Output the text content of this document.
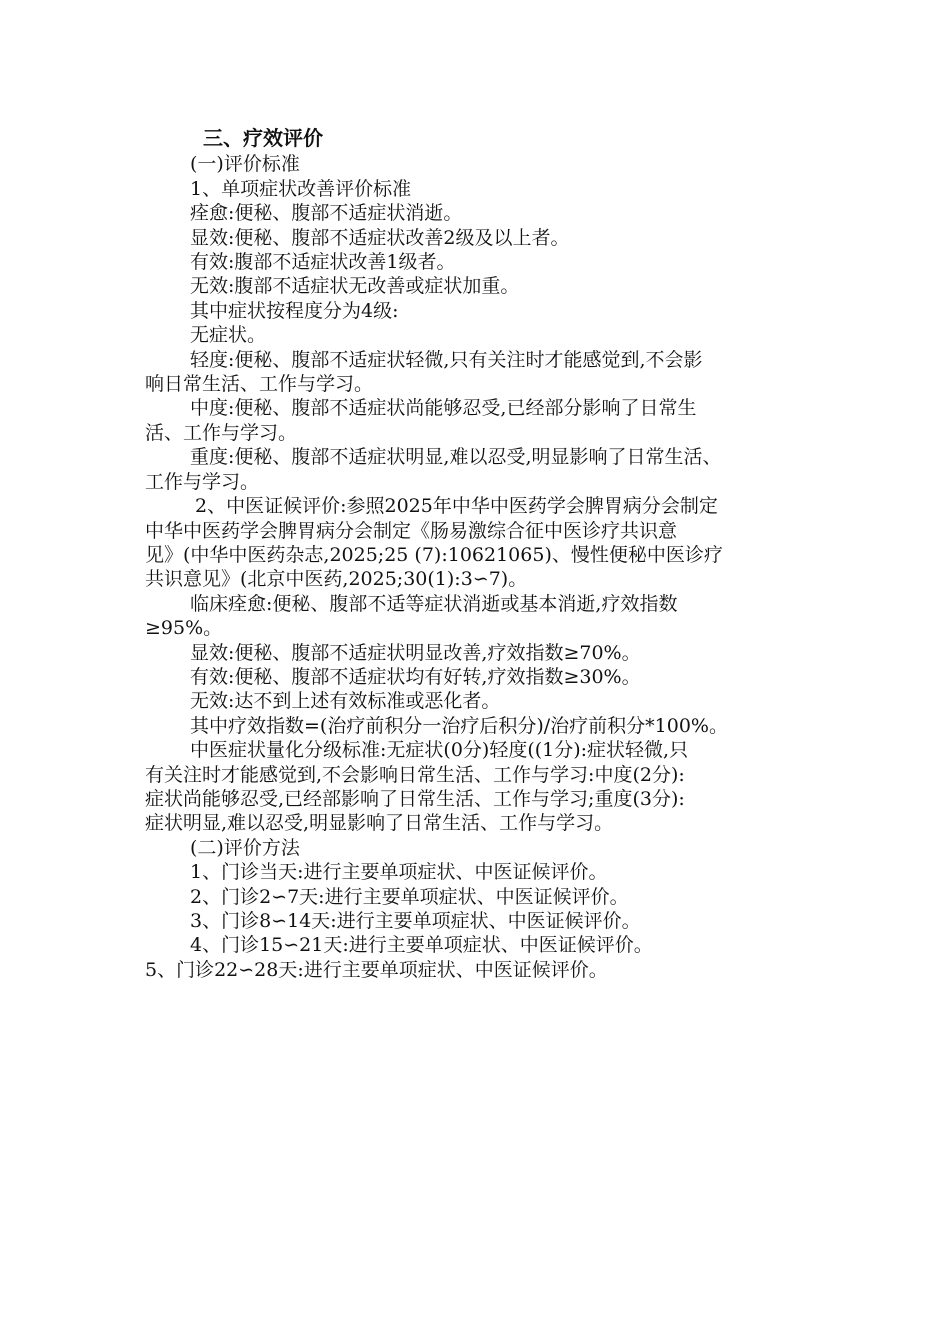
三、疗效评价
(一)评价标准
1、单项症状改善评价标准
痊愈:便秘、腹部不适症状消逝。
显效:便秘、腹部不适症状改善2级及以上者。
有效:腹部不适症状改善1级者。
无效:腹部不适症状无改善或症状加重。
其中症状按程度分为4级:
无症状。
轻度:便秘、腹部不适症状轻微,只有关注时才能感觉到,不会影
响日常生活、工作与学习。
中度:便秘、腹部不适症状尚能够忍受,已经部分影响了日常生
活、工作与学习。
重度:便秘、腹部不适症状明显,难以忍受,明显影响了日常生活、
工作与学习。
2、中医证候评价:参照2025年中华中医药学会脾胃病分会制定
中华中医药学会脾胃病分会制定《肠易激综合征中医诊疗共识意
见》(中华中医药杂志,2025;25 (7):10621065)、慢性便秘中医诊疗
共识意见》(北京中医药,2025;30(1):3∽7)。
临床痊愈:便秘、腹部不适等症状消逝或基本消逝,疗效指数
≥95%。
显效:便秘、腹部不适症状明显改善,疗效指数≥70%。
有效:便秘、腹部不适症状均有好转,疗效指数≥30%。
无效:达不到上述有效标准或恶化者。
其中疗效指数=(治疗前积分一治疗后积分)/治疗前积分*100%。
中医症状量化分级标准:无症状(0分)轻度((1分):症状轻微,只
有关注时才能感觉到,不会影响日常生活、工作与学习:中度(2分):
症状尚能够忍受,已经部影响了日常生活、工作与学习;重度(3分):
症状明显,难以忍受,明显影响了日常生活、工作与学习。
(二)评价方法
1、门诊当天:进行主要单项症状、中医证候评价。
2、门诊2∽7天:进行主要单项症状、中医证候评价。
3、门诊8∽14天:进行主要单项症状、中医证候评价。
4、门诊15∽21天:进行主要单项症状、中医证候评价。
5、门诊22∽28天:进行主要单项症状、中医证候评价。
